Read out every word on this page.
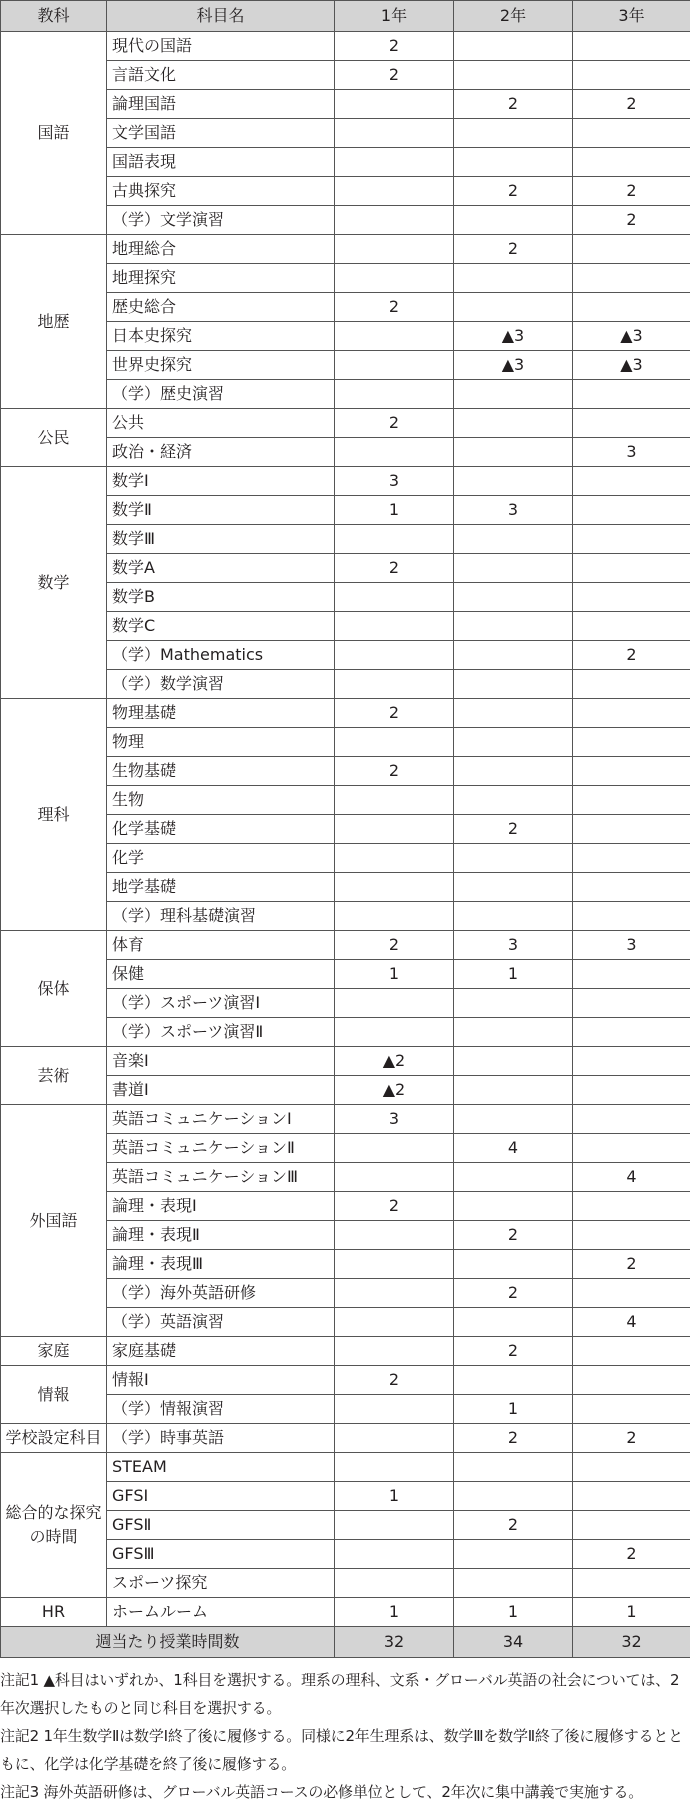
教科	科目名	1年	2年	3年
国語	現代の国語	2		
	言語文化	2		
	論理国語		2	2
	文学国語			
	国語表現			
	古典探究		2	2
	（学）文学演習			2
地歴	地理総合		2	
	地理探究			
	歴史総合	2		
	日本史探究		▲3	▲3
	世界史探究		▲3	▲3
	（学）歴史演習			
公民	公共	2		
	政治・経済			3
数学	数学Ⅰ	3		
	数学Ⅱ	1	3	
	数学Ⅲ			
	数学A	2		
	数学B			
	数学C			
	（学）Mathematics			2
	（学）数学演習			
理科	物理基礎	2		
	物理			
	生物基礎	2		
	生物			
	化学基礎		2	
	化学			
	地学基礎			
	（学）理科基礎演習			
保体	体育	2	3	3
	保健	1	1	
	（学）スポーツ演習Ⅰ			
	（学）スポーツ演習Ⅱ			
芸術	音楽Ⅰ	▲2		
	書道Ⅰ	▲2		
外国語	英語コミュニケーションⅠ	3		
	英語コミュニケーションⅡ		4	
	英語コミュニケーションⅢ			4
	論理・表現Ⅰ	2		
	論理・表現Ⅱ		2	
	論理・表現Ⅲ			2
	（学）海外英語研修		2	
	（学）英語演習			4
家庭	家庭基礎		2	
情報	情報Ⅰ	2		
	（学）情報演習		1	
学校設定科目	（学）時事英語		2	2
総合的な探究の時間	STEAM			
	GFSⅠ	1		
	GFSⅡ		2	
	GFSⅢ			2
	スポーツ探究			
HR	ホームルーム	1	1	1
週当たり授業時間数		32	34	32

注記1 ▲科目はいずれか、1科目を選択する。理系の理科、文系・グローバル英語の社会については、2年次選択したものと同じ科目を選択する。

注記2 1年生数学Ⅱは数学Ⅰ終了後に履修する。同様に2年生理系は、数学Ⅲを数学Ⅱ終了後に履修するとともに、化学は化学基礎を終了後に履修する。

注記3 海外英語研修は、グローバル英語コースの必修単位として、2年次に集中講義で実施する。
